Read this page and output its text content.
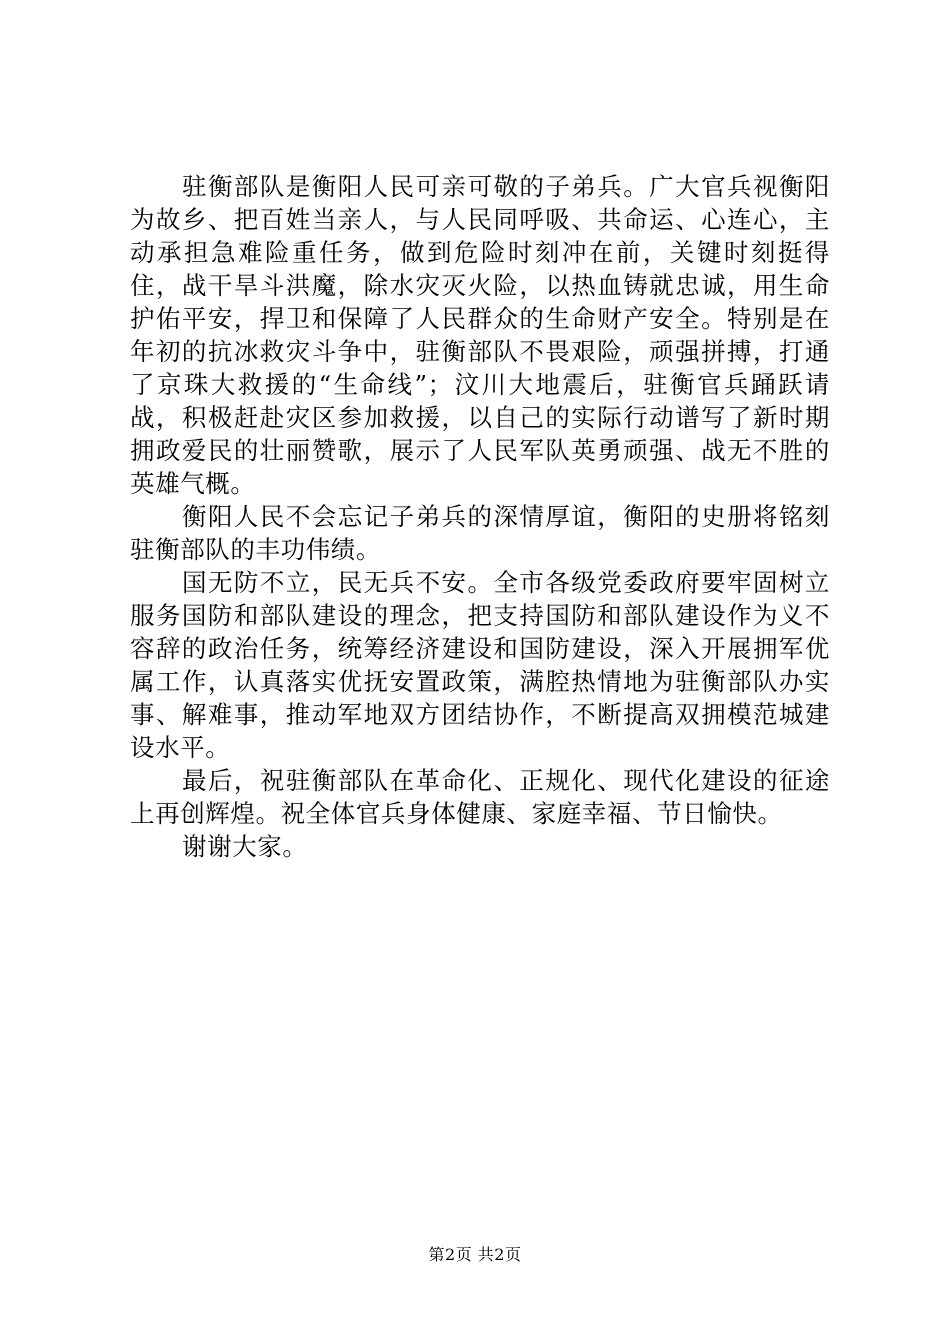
驻衡部队是衡阳人民可亲可敬的子弟兵。广大官兵视衡阳为故乡、把百姓当亲人，与人民同呼吸、共命运、心连心，主动承担急难险重任务，做到危险时刻冲在前，关键时刻挺得住，战干旱斗洪魔，除水灾灭火险，以热血铸就忠诚，用生命护佑平安，捍卫和保障了人民群众的生命财产安全。特别是在年初的抗冰救灾斗争中，驻衡部队不畏艰险，顽强拼搏，打通了京珠大救援的“生命线”；汶川大地震后，驻衡官兵踊跃请战，积极赶赴灾区参加救援，以自己的实际行动谱写了新时期拥政爱民的壮丽赞歌，展示了人民军队英勇顽强、战无不胜的英雄气概。

衡阳人民不会忘记子弟兵的深情厚谊，衡阳的史册将铭刻驻衡部队的丰功伟绩。

国无防不立，民无兵不安。全市各级党委政府要牢固树立服务国防和部队建设的理念，把支持国防和部队建设作为义不容辞的政治任务，统筹经济建设和国防建设，深入开展拥军优属工作，认真落实优抚安置政策，满腔热情地为驻衡部队办实事、解难事，推动军地双方团结协作，不断提高双拥模范城建设水平。

最后，祝驻衡部队在革命化、正规化、现代化建设的征途上再创辉煌。祝全体官兵身体健康、家庭幸福、节日愉快。

谢谢大家。

第2页 共2页
